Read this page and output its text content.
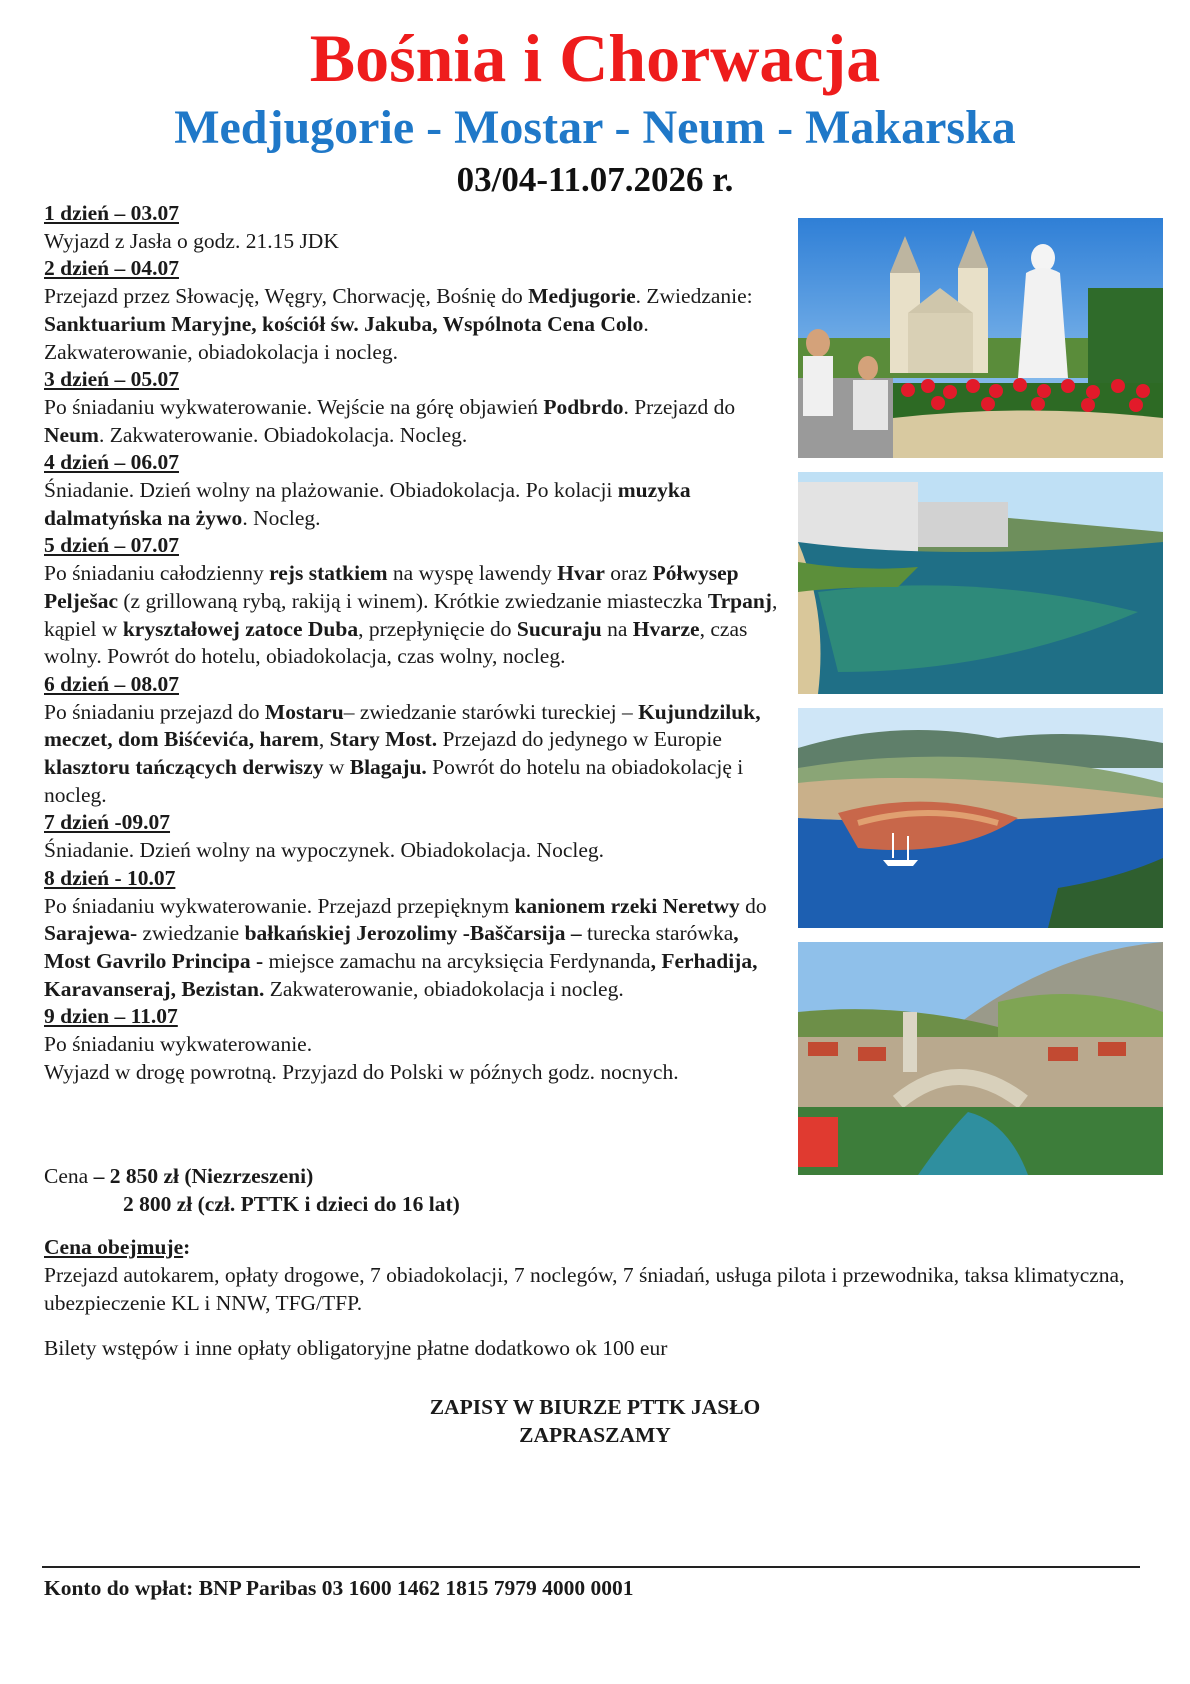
Bośnia i Chorwacja
Medjugorie - Mostar - Neum - Makarska
03/04-11.07.2026 r.
1 dzień – 03.07
Wyjazd z Jasła o godz. 21.15 JDK
2 dzień – 04.07
Przejazd przez Słowację, Węgry, Chorwację, Bośnię do Medjugorie. Zwiedzanie: Sanktuarium Maryjne, kościół św. Jakuba, Wspólnota Cena Colo. Zakwaterowanie, obiadokolacja i nocleg.
3 dzień – 05.07
Po śniadaniu wykwaterowanie. Wejście na górę objawień Podbrdo. Przejazd do Neum. Zakwaterowanie. Obiadokolacja. Nocleg.
4 dzień – 06.07
Śniadanie. Dzień wolny na plażowanie. Obiadokolacja. Po kolacji muzyka dalmatyńska na żywo. Nocleg.
5 dzień – 07.07
Po śniadaniu całodzienny rejs statkiem na wyspę lawendy Hvar oraz Półwysep Pelješac (z grillowaną rybą, rakiją i winem). Krótkie zwiedzanie miasteczka Trpanj, kąpiel w kryształowej zatoce Duba, przepłynięcie do Sucuraju na Hvarze, czas wolny. Powrót do hotelu, obiadokolacja, czas wolny, nocleg.
6 dzień – 08.07
Po śniadaniu przejazd do Mostaru– zwiedzanie starówki tureckiej – Kujundziluk, meczet, dom Biśćevića, harem, Stary Most. Przejazd do jedynego w Europie klasztoru tańczących derwiszy w Blagaju. Powrót do hotelu na obiadokolację i nocleg.
7 dzień -09.07
Śniadanie. Dzień wolny na wypoczynek. Obiadokolacja. Nocleg.
8 dzień - 10.07
Po śniadaniu wykwaterowanie. Przejazd przepięknym kanionem rzeki Neretwy do Sarajewa- zwiedzanie bałkańskiej Jerozolimy -Baščarsija – turecka starówka, Most Gavrilo Principa - miejsce zamachu na arcyksięcia Ferdynanda, Ferhadija, Karavanseraj, Bezistan. Zakwaterowanie, obiadokolacja i nocleg.
9 dzien – 11.07
Po śniadaniu wykwaterowanie.
Wyjazd w drogę powrotną. Przyjazd do Polski w późnych godz. nocnych.
Cena – 2 850 zł (Niezrzeszeni)
2 800 zł (czł. PTTK i dzieci do 16 lat)
Cena obejmuje:
Przejazd autokarem, opłaty drogowe, 7 obiadokolacji, 7 noclegów, 7 śniadań, usługa pilota i przewodnika, taksa klimatyczna, ubezpieczenie KL i NNW, TFG/TFP.
Bilety wstępów i inne opłaty obligatoryjne płatne dodatkowo ok 100 eur
ZAPISY W BIURZE PTTK JASŁO
ZAPRASZAMY
Konto do wpłat: BNP Paribas 03 1600 1462 1815 7979 4000 0001
